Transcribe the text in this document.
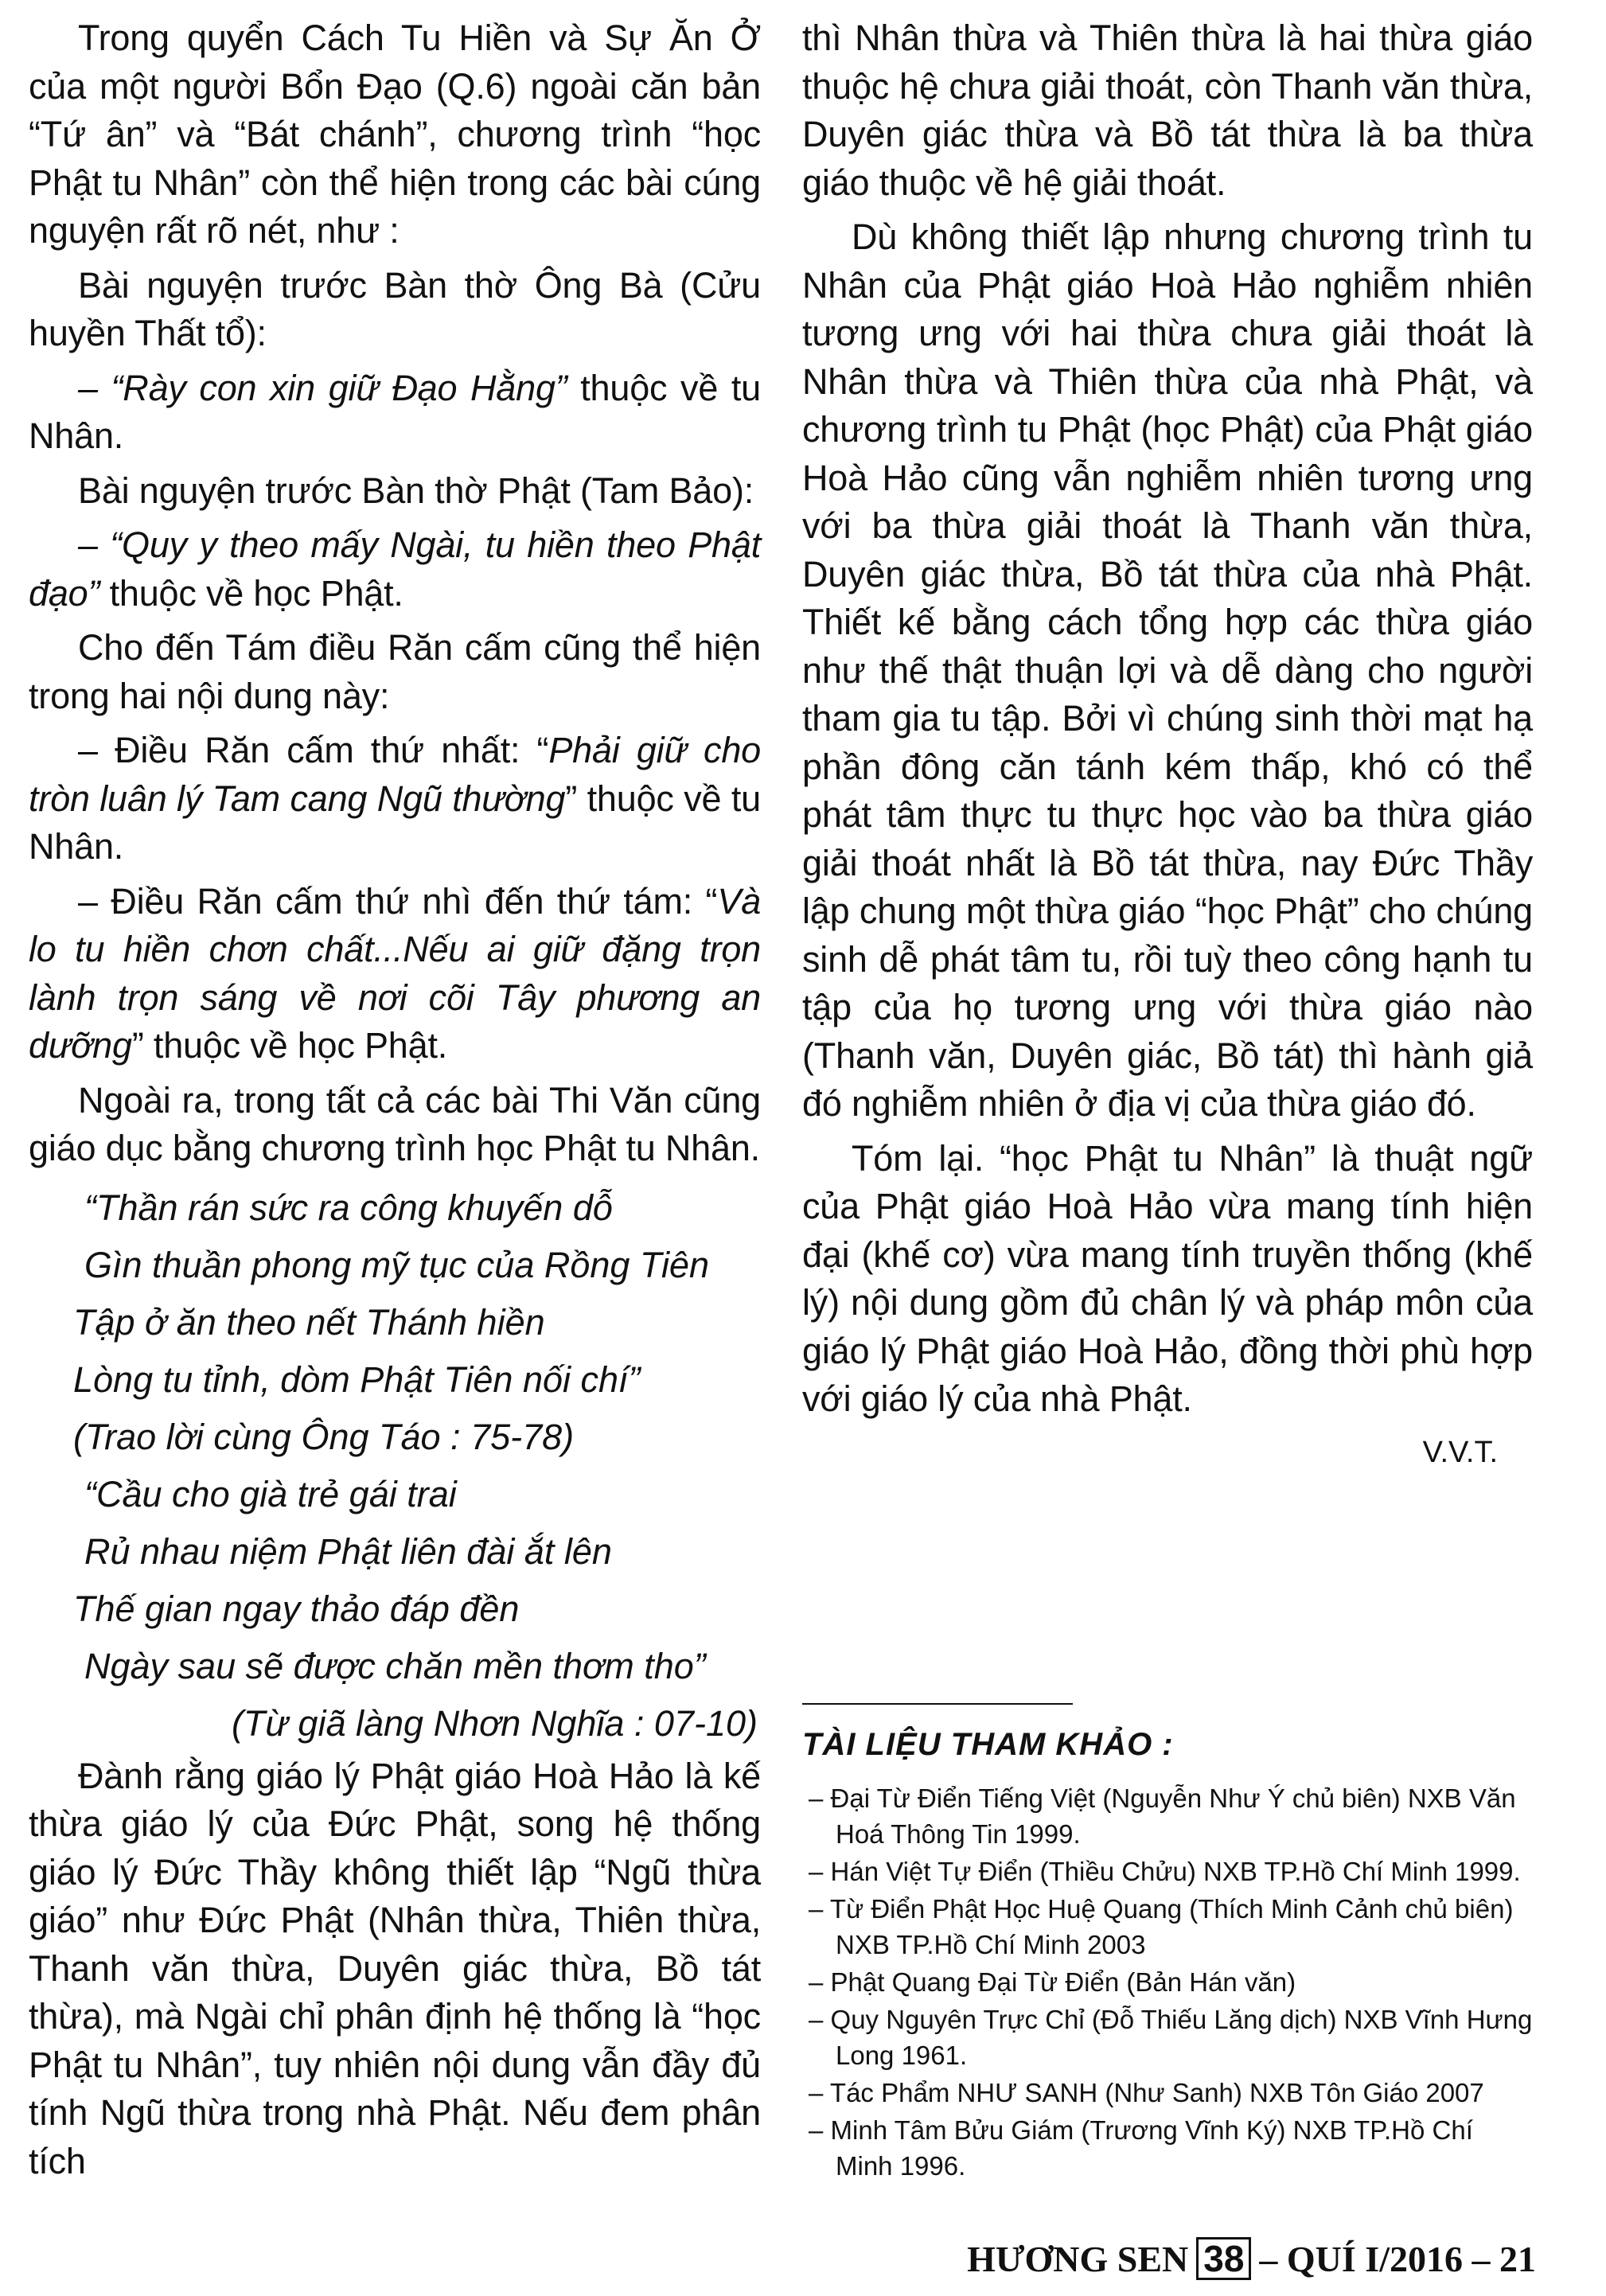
Trong quyển Cách Tu Hiền và Sự Ăn Ở của một người Bổn Đạo (Q.6) ngoài căn bản “Tứ ân” và “Bát chánh”, chương trình “học Phật tu Nhân” còn thể hiện trong các bài cúng nguyện rất rõ nét, như :

Bài nguyện trước Bàn thờ Ông Bà (Cửu huyền Thất tổ):

– “Rày con xin giữ Đạo Hằng” thuộc về tu Nhân.

Bài nguyện trước Bàn thờ Phật (Tam Bảo):

– “Quy y theo mấy Ngài, tu hiền theo Phật đạo” thuộc về học Phật.

Cho đến Tám điều Răn cấm cũng thể hiện trong hai nội dung này:

– Điều Răn cấm thứ nhất: “Phải giữ cho tròn luân lý Tam cang Ngũ thường” thuộc về tu Nhân.

– Điều Răn cấm thứ nhì đến thứ tám: “Và lo tu hiền chơn chất...Nếu ai giữ đặng trọn lành trọn sáng về nơi cõi Tây phương an dưỡng” thuộc về học Phật.

Ngoài ra, trong tất cả các bài Thi Văn cũng giáo dục bằng chương trình học Phật tu Nhân.

“Thần rán sức ra công khuyến dỗ
Gìn thuần phong mỹ tục của Rồng Tiên
Tập ở ăn theo nết Thánh hiền
Lòng tu tỉnh, dòm Phật Tiên nối chí”
(Trao lời cùng Ông Táo : 75-78)
“Cầu cho già trẻ gái trai
Rủ nhau niệm Phật liên đài ắt lên
Thế gian ngay thảo đáp đền
Ngày sau sẽ được chăn mền thơm tho”
(Từ giã làng Nhơn Nghĩa : 07-10)

Đành rằng giáo lý Phật giáo Hoà Hảo là kế thừa giáo lý của Đức Phật, song hệ thống giáo lý Đức Thầy không thiết lập “Ngũ thừa giáo” như Đức Phật (Nhân thừa, Thiên thừa, Thanh văn thừa, Duyên giác thừa, Bồ tát thừa), mà Ngài chỉ phân định hệ thống là “học Phật tu Nhân”, tuy nhiên nội dung vẫn đầy đủ tính Ngũ thừa trong nhà Phật. Nếu đem phân tích

thì Nhân thừa và Thiên thừa là hai thừa giáo thuộc hệ chưa giải thoát, còn Thanh văn thừa, Duyên giác thừa và Bồ tát thừa là ba thừa giáo thuộc về hệ giải thoát.

Dù không thiết lập nhưng chương trình tu Nhân của Phật giáo Hoà Hảo nghiễm nhiên tương ưng với hai thừa chưa giải thoát là Nhân thừa và Thiên thừa của nhà Phật, và chương trình tu Phật (học Phật) của Phật giáo Hoà Hảo cũng vẫn nghiễm nhiên tương ưng với ba thừa giải thoát là Thanh văn thừa, Duyên giác thừa, Bồ tát thừa của nhà Phật. Thiết kế bằng cách tổng hợp các thừa giáo như thế thật thuận lợi và dễ dàng cho người tham gia tu tập. Bởi vì chúng sinh thời mạt hạ phần đông căn tánh kém thấp, khó có thể phát tâm thực tu thực học vào ba thừa giáo giải thoát nhất là Bồ tát thừa, nay Đức Thầy lập chung một thừa giáo “học Phật” cho chúng sinh dễ phát tâm tu, rồi tuỳ theo công hạnh tu tập của họ tương ưng với thừa giáo nào (Thanh văn, Duyên giác, Bồ tát) thì hành giả đó nghiễm nhiên ở địa vị của thừa giáo đó.

Tóm lại. “học Phật tu Nhân” là thuật ngữ của Phật giáo Hoà Hảo vừa mang tính hiện đại (khế cơ) vừa mang tính truyền thống (khế lý) nội dung gồm đủ chân lý và pháp môn của giáo lý Phật giáo Hoà Hảo, đồng thời phù hợp với giáo lý của nhà Phật.

V.V.T.
TÀI LIỆU THAM KHẢO :
– Đại Từ Điển Tiếng Việt (Nguyễn Như Ý chủ biên) NXB Văn Hoá Thông Tin 1999.
– Hán Việt Tự Điển (Thiều Chửu) NXB TP.Hồ Chí Minh 1999.
– Từ Điển Phật Học Huệ Quang (Thích Minh Cảnh chủ biên) NXB TP.Hồ Chí Minh 2003
– Phật Quang Đại Từ Điển (Bản Hán văn)
– Quy Nguyên Trực Chỉ (Đỗ Thiếu Lăng dịch) NXB Vĩnh Hưng Long 1961.
– Tác Phẩm NHƯ SANH (Như Sanh) NXB Tôn Giáo 2007
– Minh Tâm Bửu Giám (Trương Vĩnh Ký) NXB TP.Hồ Chí Minh 1996.
HƯƠNG SEN 38 – QUÍ I/2016 – 21
